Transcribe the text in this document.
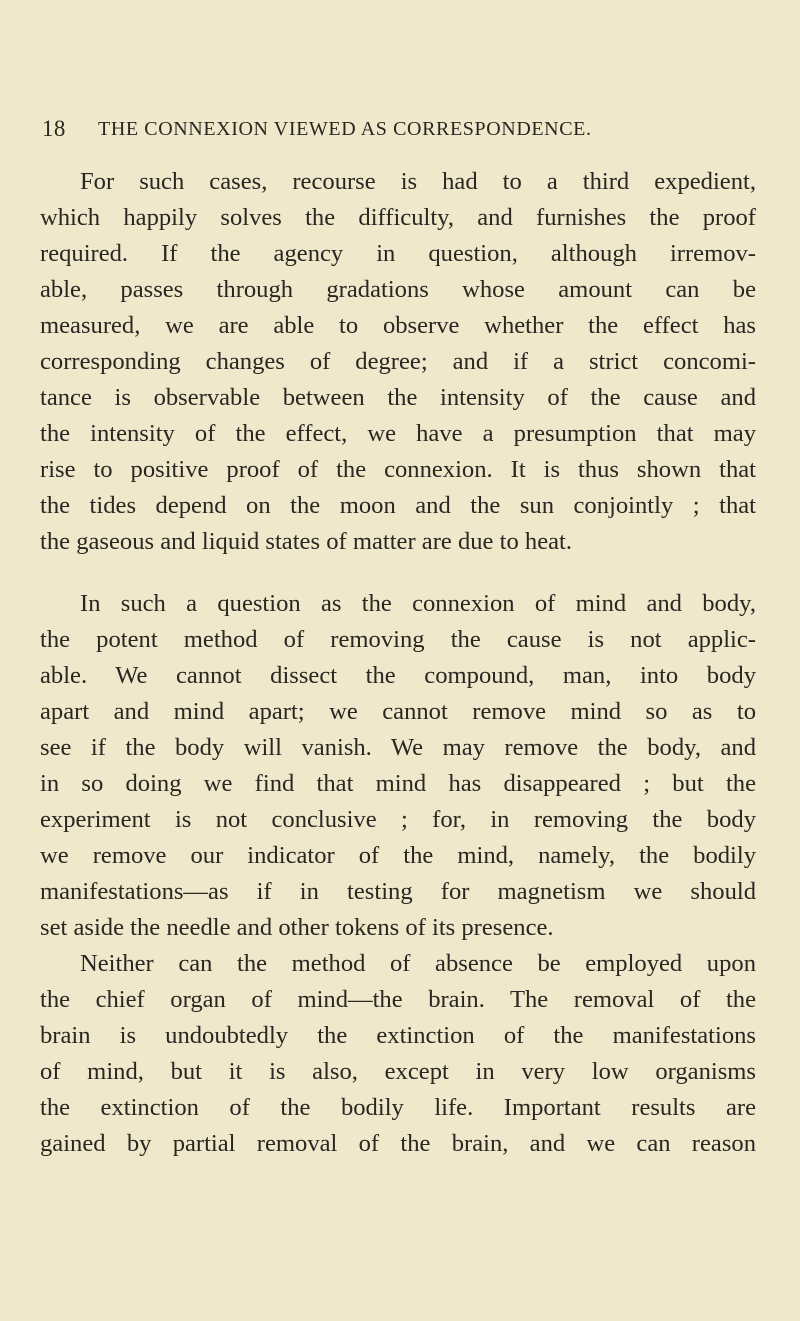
18	THE CONNEXION VIEWED AS CORRESPONDENCE.
For such cases, recourse is had to a third expedient,
which happily solves the difficulty, and furnishes the proof
required. If the agency in question, although irremov-
able, passes through gradations whose amount can be
measured, we are able to observe whether the effect has
corresponding changes of degree; and if a strict concomi-
tance is observable between the intensity of the cause and
the intensity of the effect, we have a presumption that may
rise to positive proof of the connexion. It is thus shown that
the tides depend on the moon and the sun conjointly ; that
the gaseous and liquid states of matter are due to heat.
In such a question as the connexion of mind and body,
the potent method of removing the cause is not applic-
able. We cannot dissect the compound, man, into body
apart and mind apart; we cannot remove mind so as to
see if the body will vanish. We may remove the body, and
in so doing we find that mind has disappeared ; but the
experiment is not conclusive ; for, in removing the body
we remove our indicator of the mind, namely, the bodily
manifestations—as if in testing for magnetism we should
set aside the needle and other tokens of its presence.
Neither can the method of absence be employed upon
the chief organ of mind—the brain. The removal of the
brain is undoubtedly the extinction of the manifestations
of mind, but it is also, except in very low organisms
the extinction of the bodily life. Important results are
gained by partial removal of the brain, and we can reason
